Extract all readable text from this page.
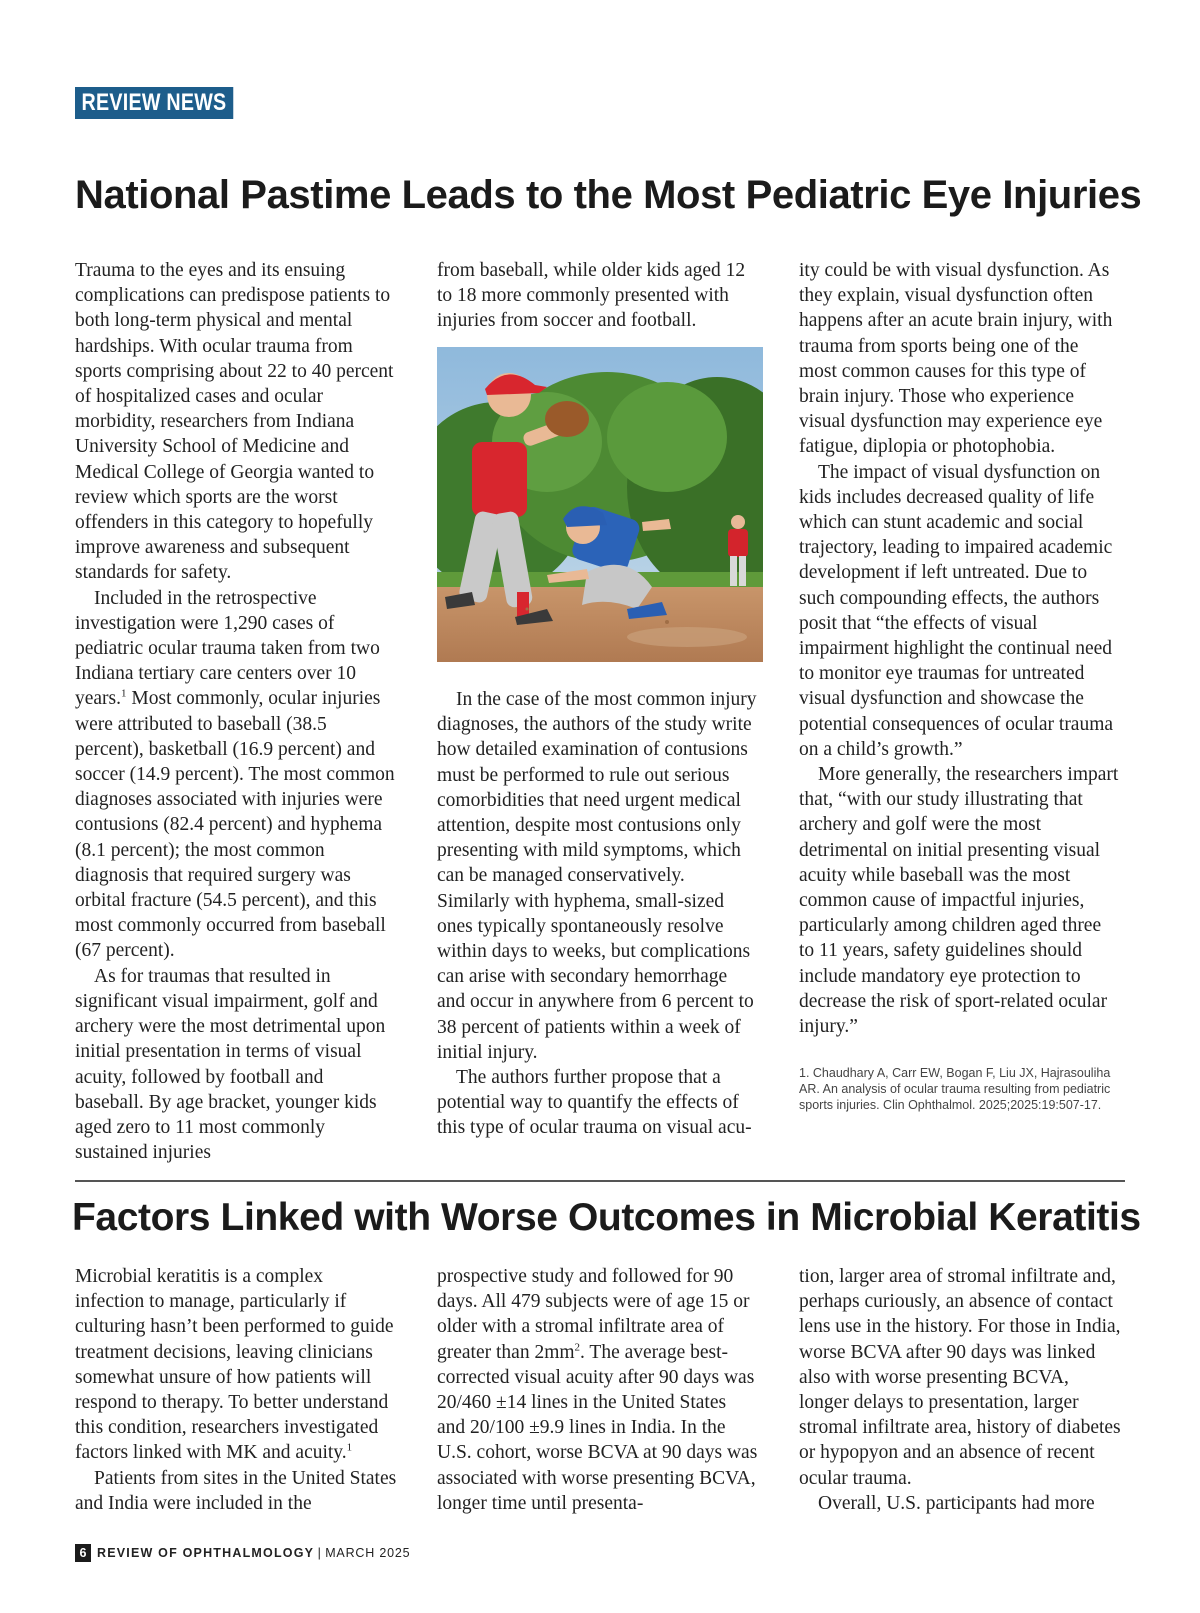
REVIEW NEWS
National Pastime Leads to the Most Pediatric Eye Injuries

Trauma to the eyes and its ensuing complications can predispose patients to both long-term physical and mental hardships. With ocular trauma from sports comprising about 22 to 40 percent of hospitalized cases and ocular morbidity, researchers from Indiana University School of Medicine and Medical College of Georgia wanted to review which sports are the worst offenders in this category to hopefully improve awareness and subsequent standards for safety.

Included in the retrospective investigation were 1,290 cases of pediatric ocular trauma taken from two Indiana tertiary care centers over 10 years.$^1$ Most commonly, ocular injuries were attributed to baseball (38.5 percent), basketball (16.9 percent) and soccer (14.9 percent). The most common diagnoses associated with injuries were contusions (82.4 percent) and hyphema (8.1 percent); the most common diagnosis that required surgery was orbital fracture (54.5 percent), and this most commonly occurred from baseball (67 percent).

As for traumas that resulted in significant visual impairment, golf and archery were the most detrimental upon initial presentation in terms of visual acuity, followed by football and baseball. By age bracket, younger kids aged zero to 11 most commonly sustained injuries

from baseball, while older kids aged 12 to 18 more commonly presented with injuries from soccer and football.

In the case of the most common injury diagnoses, the authors of the study write how detailed examination of contusions must be performed to rule out serious comorbidities that need urgent medical attention, despite most contusions only presenting with mild symptoms, which can be managed conservatively. Similarly with hyphema, small-sized ones typically spontaneously resolve within days to weeks, but complications can arise with secondary hemorrhage and occur in anywhere from 6 percent to 38 percent of patients within a week of initial injury.

The authors further propose that a potential way to quantify the effects of this type of ocular trauma on visual acu-

ity could be with visual dysfunction. As they explain, visual dysfunction often happens after an acute brain injury, with trauma from sports being one of the most common causes for this type of brain injury. Those who experience visual dysfunction may experience eye fatigue, diplopia or photophobia.

The impact of visual dysfunction on kids includes decreased quality of life which can stunt academic and social trajectory, leading to impaired academic development if left untreated. Due to such compounding effects, the authors posit that “the effects of visual impairment highlight the continual need to monitor eye traumas for untreated visual dysfunction and showcase the potential consequences of ocular trauma on a child’s growth.”

More generally, the researchers impart that, “with our study illustrating that archery and golf were the most detrimental on initial presenting visual acuity while baseball was the most common cause of impactful injuries, particularly among children aged three to 11 years, safety guidelines should include mandatory eye protection to decrease the risk of sport-related ocular injury.”

1. Chaudhary A, Carr EW, Bogan F, Liu JX, Hajrasouliha AR. An analysis of ocular trauma resulting from pediatric sports injuries. Clin Ophthalmol. 2025;2025:19:507-17.

Factors Linked with Worse Outcomes in Microbial Keratitis

Microbial keratitis is a complex infection to manage, particularly if culturing hasn’t been performed to guide treatment decisions, leaving clinicians somewhat unsure of how patients will respond to therapy. To better understand this condition, researchers investigated factors linked with MK and acuity.$^1$

Patients from sites in the United States and India were included in the

prospective study and followed for 90 days. All 479 subjects were of age 15 or older with a stromal infiltrate area of greater than $2mm^2$. The average best-corrected visual acuity after 90 days was 20/460 ±14 lines in the United States and 20/100 ±9.9 lines in India. In the U.S. cohort, worse BCVA at 90 days was associated with worse presenting BCVA, longer time until presenta-

tion, larger area of stromal infiltrate and, perhaps curiously, an absence of contact lens use in the history. For those in India, worse BCVA after 90 days was linked also with worse presenting BCVA, longer delays to presentation, larger stromal infiltrate area, history of diabetes or hypopyon and an absence of recent ocular trauma.

Overall, U.S. participants had more

6 REVIEW OF OPHTHALMOLOGY | MARCH 2025
